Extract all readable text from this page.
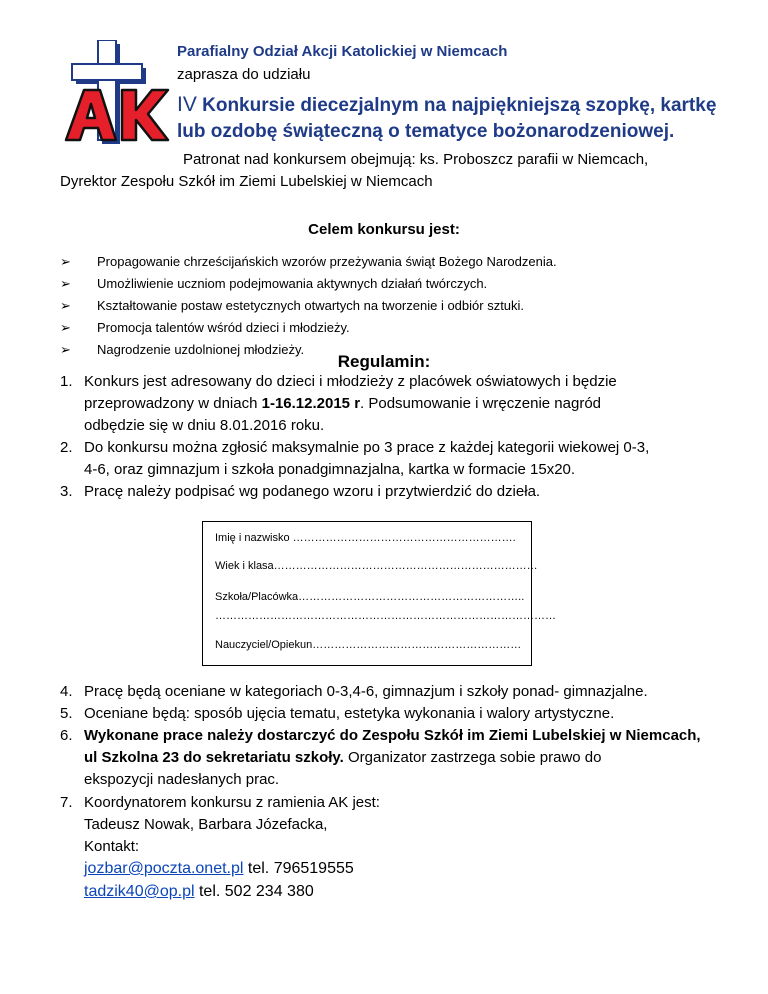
Parafialny Odział Akcji Katolickiej w Niemcach
zaprasza do udziału
IV Konkursie diecezjalnym na najpiękniejszą szopkę, kartkę
lub ozdobę świąteczną o tematyce bożonarodzeniowej.
Patronat nad konkursem obejmują: ks. Proboszcz parafii w Niemcach,
Dyrektor Zespołu Szkół im Ziemi Lubelskiej w Niemcach
Celem konkursu jest:
➢ Propagowanie chrześcijańskich wzorów przeżywania świąt Bożego Narodzenia.
➢ Umożliwienie uczniom podejmowania aktywnych działań twórczych.
➢ Kształtowanie postaw estetycznych otwartych na tworzenie i odbiór sztuki.
➢ Promocja talentów wśród dzieci i młodzieży.
➢ Nagrodzenie uzdolnionej młodzieży.
Regulamin:
1. Konkurs jest adresowany do dzieci i młodzieży z placówek oświatowych i będzie
przeprowadzony w dniach 1-16.12.2015 r. Podsumowanie i wręczenie nagród
odbędzie się w dniu 8.01.2016 roku.
2. Do konkursu można zgłosić maksymalnie po 3 prace z każdej kategorii wiekowej 0-3,
4-6, oraz gimnazjum i szkoła ponadgimnazjalna, kartka w formacie 15x20.
3. Pracę należy podpisać wg podanego wzoru i przytwierdzić do dzieła.
Imię i nazwisko …………………………………………………….
Wiek i klasa………………………………………………………………
Szkoła/Placówka……………………………………………………..
…………………………………………………………………………………
Nauczyciel/Opiekun…………………………………………………
4. Pracę będą oceniane w kategoriach 0-3,4-6, gimnazjum i szkoły ponad- gimnazjalne.
5. Oceniane będą: sposób ujęcia tematu, estetyka wykonania i walory artystyczne.
6. Wykonane prace należy dostarczyć do Zespołu Szkół im Ziemi Lubelskiej w Niemcach,
ul Szkolna 23 do sekretariatu szkoły. Organizator zastrzega sobie prawo do
ekspozycji nadesłanych prac.
7. Koordynatorem konkursu z ramienia AK jest:
Tadeusz Nowak, Barbara Józefacka,
Kontakt:
jozbar@poczta.onet.pl tel. 796519555
tadzik40@op.pl tel. 502 234 380
